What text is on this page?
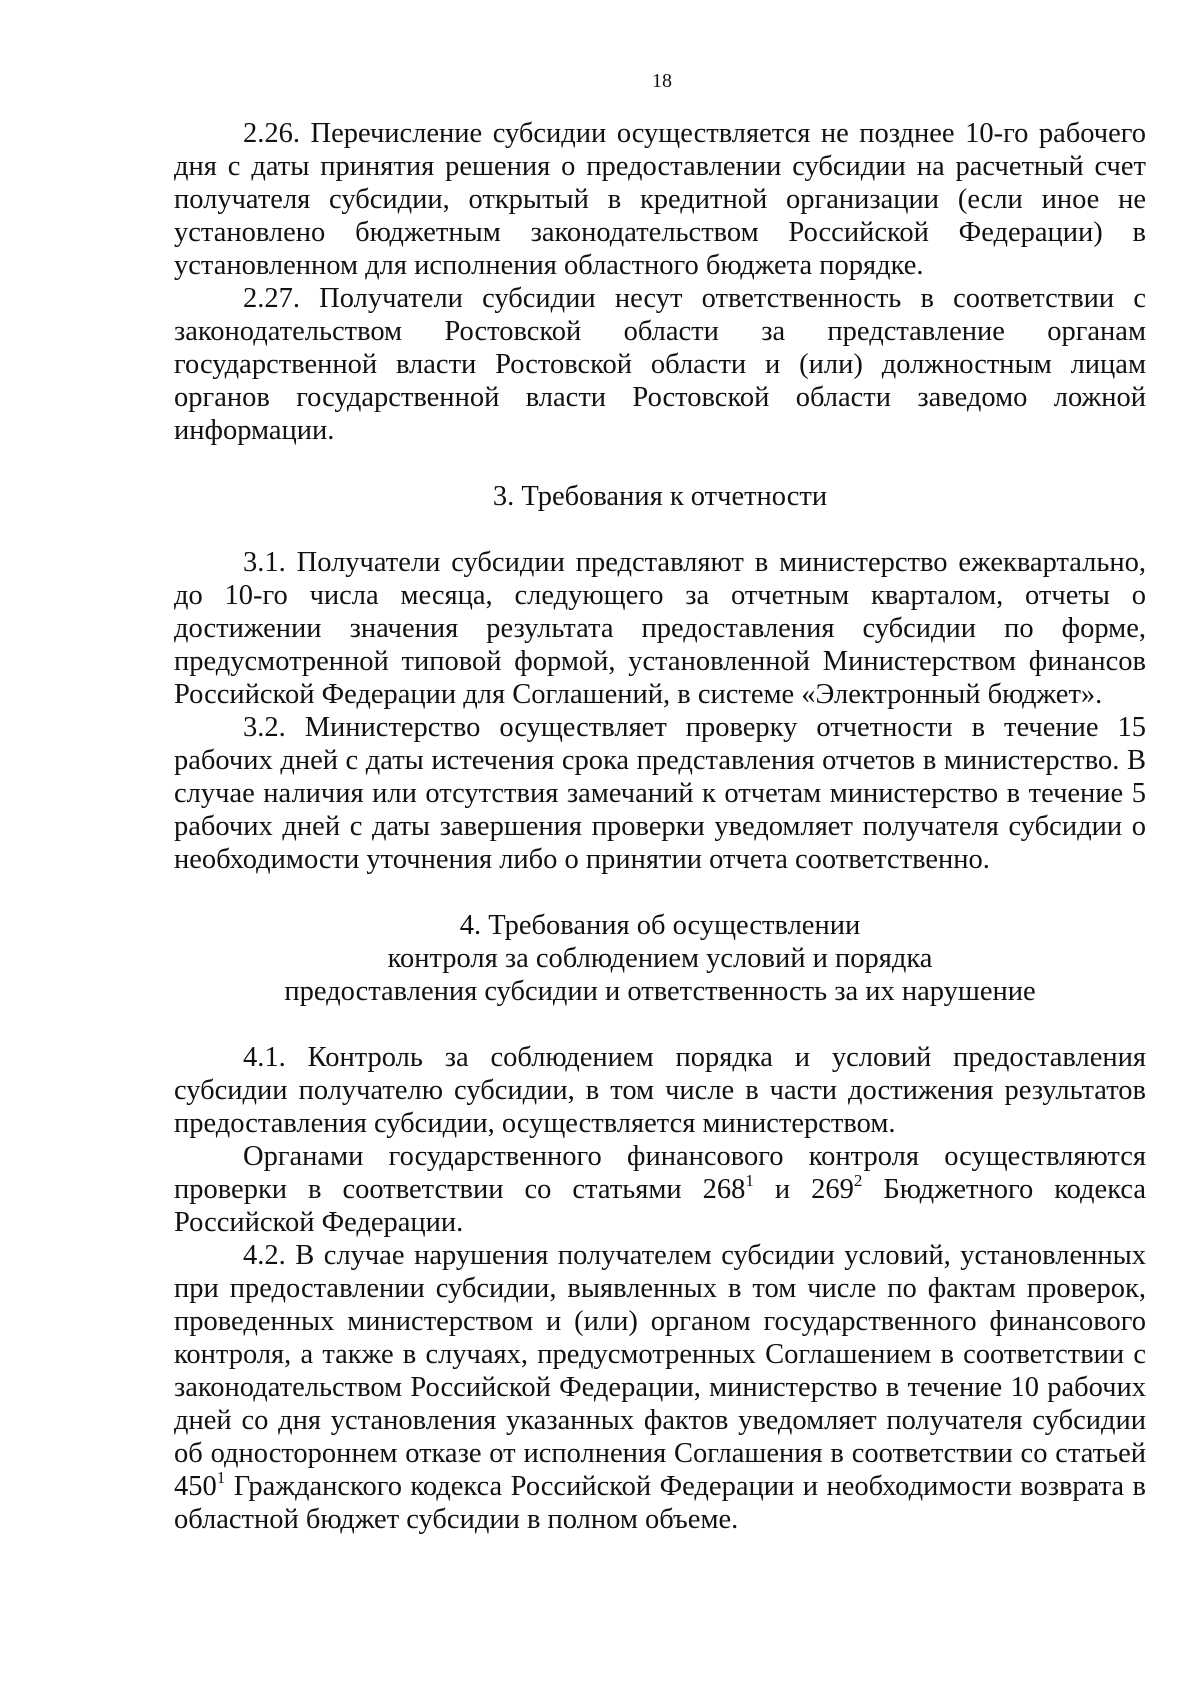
18

2.26. Перечисление субсидии осуществляется не позднее 10-го рабочего дня с даты принятия решения о предоставлении субсидии на расчетный счет получателя субсидии, открытый в кредитной организации (если иное не установлено бюджетным законодательством Российской Федерации) в установленном для исполнения областного бюджета порядке.

2.27. Получатели субсидии несут ответственность в соответствии с законодательством Ростовской области за представление органам государственной власти Ростовской области и (или) должностным лицам органов государственной власти Ростовской области заведомо ложной информации.

3. Требования к отчетности

3.1. Получатели субсидии представляют в министерство ежеквартально, до 10-го числа месяца, следующего за отчетным кварталом, отчеты о достижении значения результата предоставления субсидии по форме, предусмотренной типовой формой, установленной Министерством финансов Российской Федерации для Соглашений, в системе «Электронный бюджет».

3.2. Министерство осуществляет проверку отчетности в течение 15 рабочих дней с даты истечения срока представления отчетов в министерство. В случае наличия или отсутствия замечаний к отчетам министерство в течение 5 рабочих дней с даты завершения проверки уведомляет получателя субсидии о необходимости уточнения либо о принятии отчета соответственно.

4. Требования об осуществлении

контроля за соблюдением условий и порядка

предоставления субсидии и ответственность за их нарушение

4.1. Контроль за соблюдением порядка и условий предоставления субсидии получателю субсидии, в том числе в части достижения результатов предоставления субсидии, осуществляется министерством.

Органами государственного финансового контроля осуществляются проверки в соответствии со статьями $268^1$ и $269^2$ Бюджетного кодекса Российской Федерации.

4.2. В случае нарушения получателем субсидии условий, установленных при предоставлении субсидии, выявленных в том числе по фактам проверок, проведенных министерством и (или) органом государственного финансового контроля, а также в случаях, предусмотренных Соглашением в соответствии с законодательством Российской Федерации, министерство в течение 10 рабочих дней со дня установления указанных фактов уведомляет получателя субсидии об одностороннем отказе от исполнения Соглашения в соответствии со статьей $450^1$ Гражданского кодекса Российской Федерации и необходимости возврата в областной бюджет субсидии в полном объеме.
